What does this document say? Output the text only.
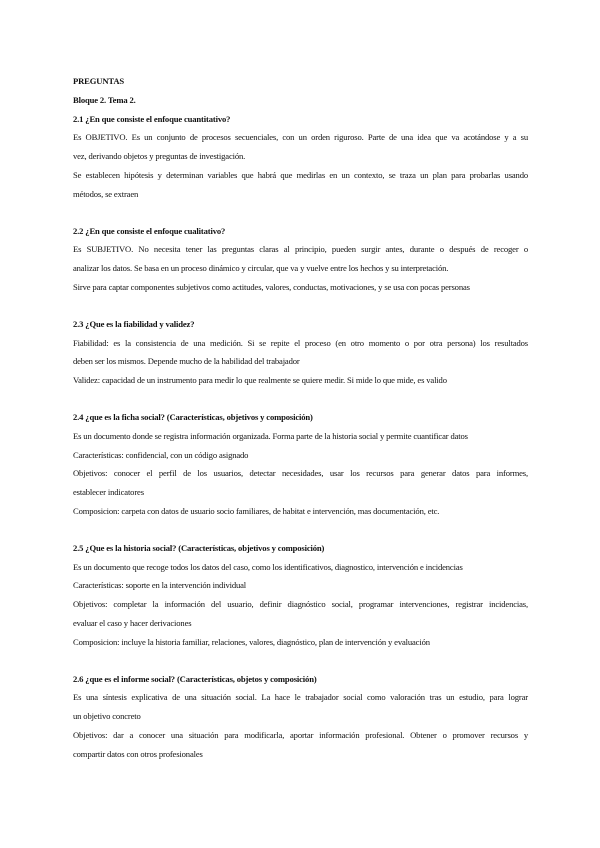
PREGUNTAS
Bloque 2. Tema 2.
2.1 ¿En que consiste el enfoque cuantitativo?
Es OBJETIVO. Es un conjunto de procesos secuenciales, con un orden riguroso. Parte de una idea que va acotándose y a su
vez, derivando objetos y preguntas de investigación.
Se establecen hipótesis y determinan variables que habrá que medirlas en un contexto, se traza un plan para probarlas usando
métodos, se extraen
2.2 ¿En que consiste el enfoque cualitativo?
Es SUBJETIVO. No necesita tener las preguntas claras al principio, pueden surgir antes, durante o después de recoger o
analizar los datos. Se basa en un proceso dinámico y circular, que va y vuelve entre los hechos y su interpretación.
Sirve para captar componentes subjetivos como actitudes, valores, conductas, motivaciones, y se usa con pocas personas
2.3 ¿Que es la fiabilidad y validez?
Fiabilidad: es la consistencia de una medición. Si se repite el proceso (en otro momento o por otra persona) los resultados
deben ser los mismos. Depende mucho de la habilidad del trabajador
Validez: capacidad de un instrumento para medir lo que realmente se quiere medir. Si mide lo que mide, es valido
2.4 ¿que es la ficha social? (Características, objetivos y composición)
Es un documento donde se registra información organizada. Forma parte de la historia social y permite cuantificar datos
Características: confidencial, con un código asignado
Objetivos: conocer el perfil de los usuarios, detectar necesidades, usar los recursos para generar datos para informes,
establecer indicatores
Composicion: carpeta con datos de usuario socio familiares, de habitat e intervención, mas documentación, etc.
2.5 ¿Que es la historia social? (Características, objetivos y composición)
Es un documento que recoge todos los datos del caso, como los identificativos, diagnostico, intervención e incidencias
Características: soporte en la intervención individual
Objetivos: completar la información del usuario, definir diagnóstico social, programar intervenciones, registrar incidencias,
evaluar el caso y hacer derivaciones
Composicion: incluye la historia familiar, relaciones, valores, diagnóstico, plan de intervención y evaluación
2.6 ¿que es el informe social? (Características, objetos y composición)
Es una síntesis explicativa de una situación social. La hace le trabajador social como valoración tras un estudio, para lograr
un objetivo concreto
Objetivos: dar a conocer una situación para modificarla, aportar información profesional. Obtener o promover recursos y
compartir datos con otros profesionales
